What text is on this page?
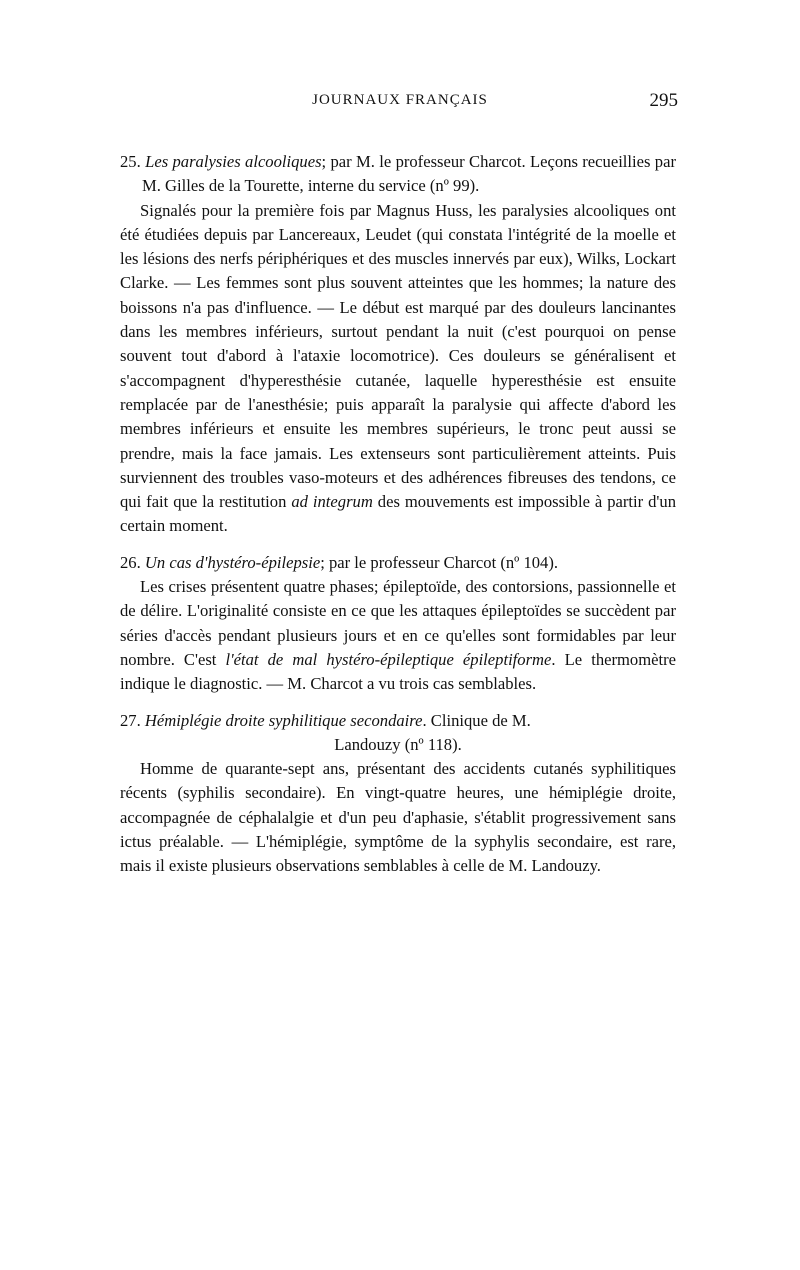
JOURNAUX FRANÇAIS	295

25. Les paralysies alcooliques; par M. le professeur Charcot. Leçons recueillies par M. Gilles de la Tourette, interne du service (nº 99).

Signalés pour la première fois par Magnus Huss, les paralysies alcooliques ont été étudiées depuis par Lancereaux, Leudet (qui constata l'intégrité de la moelle et les lésions des nerfs périphériques et des muscles innervés par eux), Wilks, Lockart Clarke. — Les femmes sont plus souvent atteintes que les hommes; la nature des boissons n'a pas d'influence. — Le début est marqué par des douleurs lancinantes dans les membres inférieurs, surtout pendant la nuit (c'est pourquoi on pense souvent tout d'abord à l'ataxie locomotrice). Ces douleurs se généralisent et s'accompagnent d'hyperesthésie cutanée, laquelle hyperesthésie est ensuite remplacée par de l'anesthésie; puis apparaît la paralysie qui affecte d'abord les membres inférieurs et ensuite les membres supérieurs, le tronc peut aussi se prendre, mais la face jamais. Les extenseurs sont particulièrement atteints. Puis surviennent des troubles vaso-moteurs et des adhérences fibreuses des tendons, ce qui fait que la restitution ad integrum des mouvements est impossible à partir d'un certain moment.

26. Un cas d'hystéro-épilepsie; par le professeur Charcot (nº 104).

Les crises présentent quatre phases; épileptoïde, des contorsions, passionnelle et de délire. L'originalité consiste en ce que les attaques épileptoïdes se succèdent par séries d'accès pendant plusieurs jours et en ce qu'elles sont formidables par leur nombre. C'est l'état de mal hystéro-épileptique épileptiforme. Le thermomètre indique le diagnostic. — M. Charcot a vu trois cas semblables.

27. Hémiplégie droite syphilitique secondaire. Clinique de M.
Landouzy (nº 118).

Homme de quarante-sept ans, présentant des accidents cutanés syphilitiques récents (syphilis secondaire). En vingt-quatre heures, une hémiplégie droite, accompagnée de céphalalgie et d'un peu d'aphasie, s'établit progressivement sans ictus préalable. — L'hémiplégie, symptôme de la syphylis secondaire, est rare, mais il existe plusieurs observations semblables à celle de M. Landouzy.
